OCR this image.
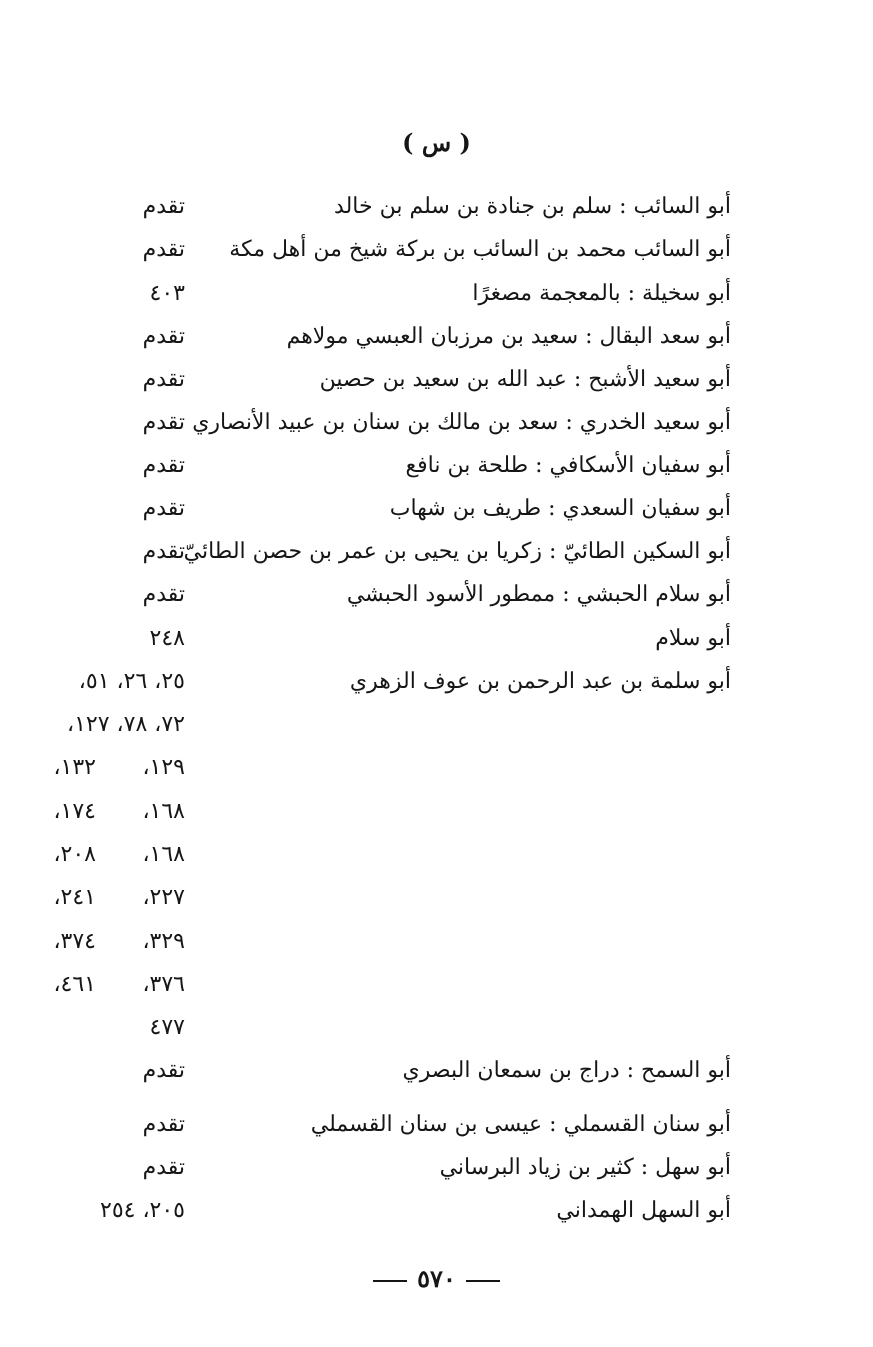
( س )
أبو السائب : سلم بن جنادة بن سلم بن خالد
تقدم
أبو السائب محمد بن السائب بن بركة شيخ من أهل مكة
تقدم
أبو سخيلة : بالمعجمة مصغرًا
٤٠٣
أبو سعد البقال : سعيد بن مرزبان العبسي مولاهم
تقدم
أبو سعيد الأشبح : عبد الله بن سعيد بن حصين
تقدم
أبو سعيد الخدري : سعد بن مالك بن سنان بن عبيد الأنصاري
تقدم
أبو سفيان الأسكافي : طلحة بن نافع
تقدم
أبو سفيان السعدي : طريف بن شهاب
تقدم
أبو السكين الطائيّ : زكريا بن يحيى بن عمر بن حصن الطائيّ
تقدم
أبو سلام الحبشي : ممطور الأسود الحبشي
تقدم
أبو سلام
٢٤٨
أبو سلمة بن عبد الرحمن بن عوف الزهري
٢٥، ٢٦، ٥١،
٧٢، ٧٨، ١٢٧،
١٢٩،
١٣٢،
١٦٨،
١٧٤،
١٦٨،
٢٠٨،
٢٢٧،
٢٤١،
٣٢٩،
٣٧٤،
٣٧٦،
٤٦١،
٤٧٧
أبو السمح : دراج بن سمعان البصري
تقدم
أبو سنان القسملي : عيسى بن سنان القسملي
تقدم
أبو سهل : كثير بن زياد البرساني
تقدم
أبو السهل الهمداني
٢٠٥، ٢٥٤
٥٧٠
